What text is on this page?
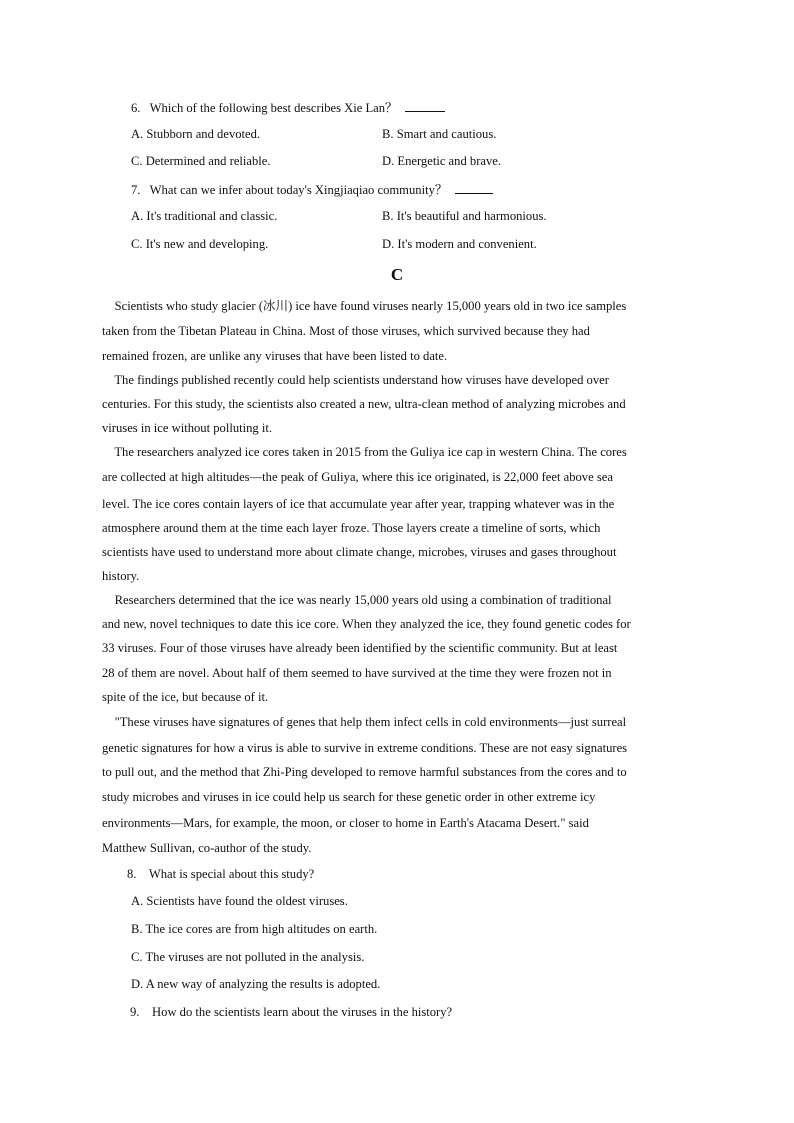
6. Which of the following best describes Xie Lan？
A. Stubborn and devoted.	B. Smart and cautious.
C. Determined and reliable.	D. Energetic and brave.
7. What can we infer about today's Xingjiaqiao community？
A. It's traditional and classic.	B. It's beautiful and harmonious.
C. It's new and developing.	D. It's modern and convenient.
C
Scientists who study glacier (冰川) ice have found viruses nearly 15,000 years old in two ice samples
taken from the Tibetan Plateau in China. Most of those viruses, which survived because they had
remained frozen, are unlike any viruses that have been listed to date.
The findings published recently could help scientists understand how viruses have developed over
centuries. For this study, the scientists also created a new, ultra-clean method of analyzing microbes and
viruses in ice without polluting it.
The researchers analyzed ice cores taken in 2015 from the Guliya ice cap in western China. The cores
are collected at high altitudes—the peak of Guliya, where this ice originated, is 22,000 feet above sea
level. The ice cores contain layers of ice that accumulate year after year, trapping whatever was in the
atmosphere around them at the time each layer froze. Those layers create a timeline of sorts, which
scientists have used to understand more about climate change, microbes, viruses and gases throughout
history.
Researchers determined that the ice was nearly 15,000 years old using a combination of traditional
and new, novel techniques to date this ice core. When they analyzed the ice, they found genetic codes for
33 viruses. Four of those viruses have already been identified by the scientific community. But at least
28 of them are novel. About half of them seemed to have survived at the time they were frozen not in
spite of the ice, but because of it.
"These viruses have signatures of genes that help them infect cells in cold environments—just surreal
genetic signatures for how a virus is able to survive in extreme conditions. These are not easy signatures
to pull out, and the method that Zhi-Ping developed to remove harmful substances from the cores and to
study microbes and viruses in ice could help us search for these genetic order in other extreme icy
environments—Mars, for example, the moon, or closer to home in Earth's Atacama Desert." said
Matthew Sullivan, co-author of the study.
8. What is special about this study?
A. Scientists have found the oldest viruses.
B. The ice cores are from high altitudes on earth.
C. The viruses are not polluted in the analysis.
D. A new way of analyzing the results is adopted.
9. How do the scientists learn about the viruses in the history?
